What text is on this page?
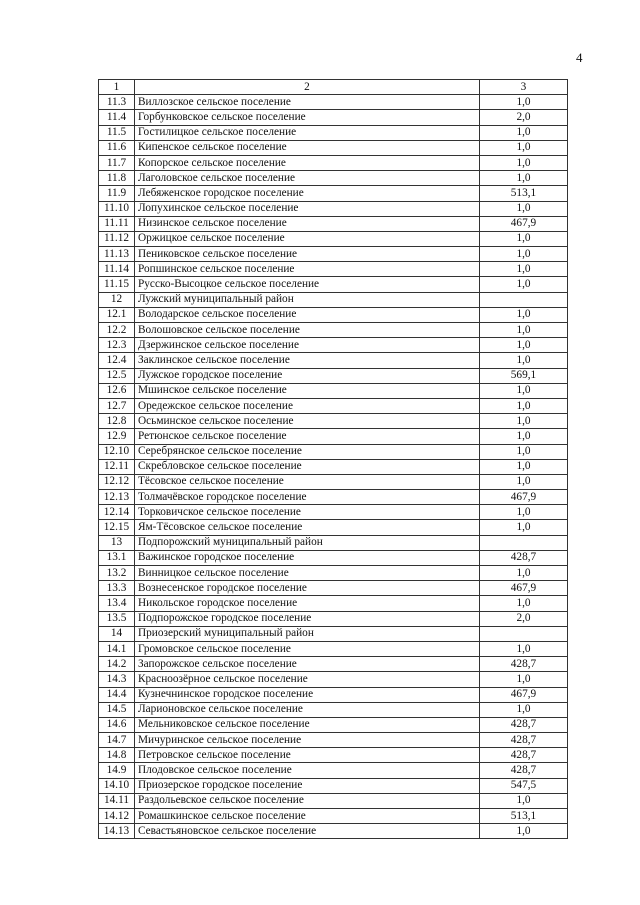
4
1	2	3
11.3	Виллозское сельское поселение	1,0
11.4	Горбунковское сельское поселение	2,0
11.5	Гостилицкое сельское поселение	1,0
11.6	Кипенское сельское поселение	1,0
11.7	Копорское сельское поселение	1,0
11.8	Лаголовское сельское поселение	1,0
11.9	Лебяженское городское поселение	513,1
11.10	Лопухинское сельское поселение	1,0
11.11	Низинское сельское поселение	467,9
11.12	Оржицкое сельское поселение	1,0
11.13	Пениковское сельское поселение	1,0
11.14	Ропшинское сельское поселение	1,0
11.15	Русско-Высоцкое сельское поселение	1,0
12	Лужский муниципальный район	
12.1	Володарское сельское поселение	1,0
12.2	Волошовское сельское поселение	1,0
12.3	Дзержинское сельское поселение	1,0
12.4	Заклинское сельское поселение	1,0
12.5	Лужское городское поселение	569,1
12.6	Мшинское сельское поселение	1,0
12.7	Оредежское сельское поселение	1,0
12.8	Осьминское сельское поселение	1,0
12.9	Ретюнское сельское поселение	1,0
12.10	Серебрянское сельское поселение	1,0
12.11	Скребловское сельское поселение	1,0
12.12	Тёсовское сельское поселение	1,0
12.13	Толмачёвское городское поселение	467,9
12.14	Торковичское сельское поселение	1,0
12.15	Ям-Тёсовское сельское поселение	1,0
13	Подпорожский муниципальный район	
13.1	Важинское городское поселение	428,7
13.2	Винницкое сельское поселение	1,0
13.3	Вознесенское городское поселение	467,9
13.4	Никольское городское поселение	1,0
13.5	Подпорожское городское поселение	2,0
14	Приозерский муниципальный район	
14.1	Громовское сельское поселение	1,0
14.2	Запорожское сельское поселение	428,7
14.3	Красноозёрное сельское поселение	1,0
14.4	Кузнечнинское городское поселение	467,9
14.5	Ларионовское сельское поселение	1,0
14.6	Мельниковское сельское поселение	428,7
14.7	Мичуринское сельское поселение	428,7
14.8	Петровское сельское поселение	428,7
14.9	Плодовское сельское поселение	428,7
14.10	Приозерское городское поселение	547,5
14.11	Раздольевское сельское поселение	1,0
14.12	Ромашкинское сельское поселение	513,1
14.13	Севастьяновское сельское поселение	1,0
